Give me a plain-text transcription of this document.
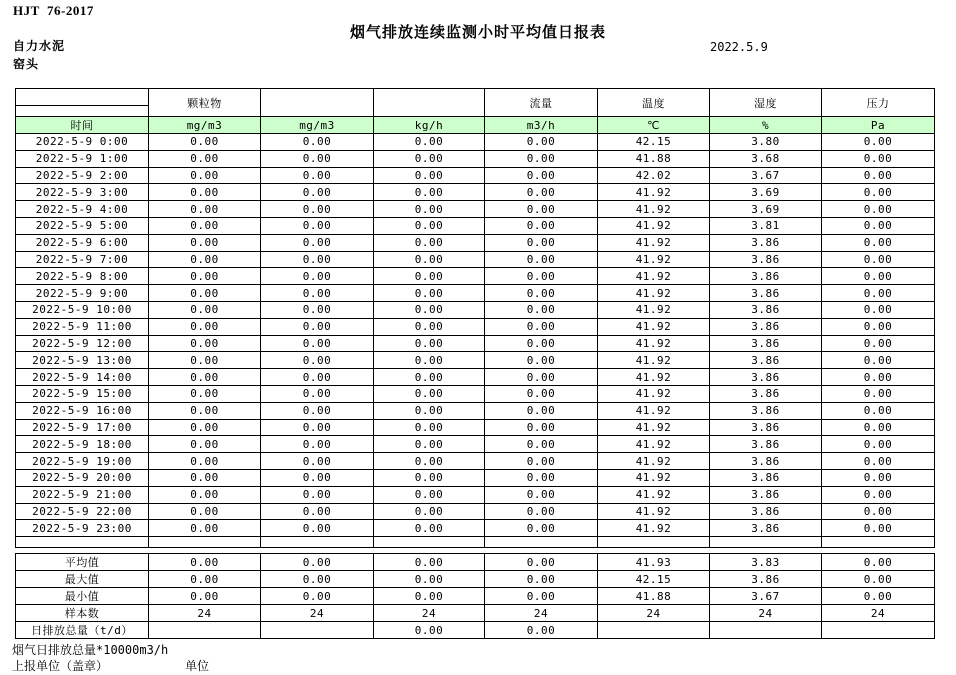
HJT  76-2017
烟气排放连续监测小时平均值日报表
2022.5.9
自力水泥
窑头
	颗粒物			流量	温度	湿度	压力

时间	mg/m3	mg/m3	kg/h	m3/h	℃	%	Pa
2022-5-9 0:00	0.00	0.00	0.00	0.00	42.15	3.80	0.00
2022-5-9 1:00	0.00	0.00	0.00	0.00	41.88	3.68	0.00
2022-5-9 2:00	0.00	0.00	0.00	0.00	42.02	3.67	0.00
2022-5-9 3:00	0.00	0.00	0.00	0.00	41.92	3.69	0.00
2022-5-9 4:00	0.00	0.00	0.00	0.00	41.92	3.69	0.00
2022-5-9 5:00	0.00	0.00	0.00	0.00	41.92	3.81	0.00
2022-5-9 6:00	0.00	0.00	0.00	0.00	41.92	3.86	0.00
2022-5-9 7:00	0.00	0.00	0.00	0.00	41.92	3.86	0.00
2022-5-9 8:00	0.00	0.00	0.00	0.00	41.92	3.86	0.00
2022-5-9 9:00	0.00	0.00	0.00	0.00	41.92	3.86	0.00
2022-5-9 10:00	0.00	0.00	0.00	0.00	41.92	3.86	0.00
2022-5-9 11:00	0.00	0.00	0.00	0.00	41.92	3.86	0.00
2022-5-9 12:00	0.00	0.00	0.00	0.00	41.92	3.86	0.00
2022-5-9 13:00	0.00	0.00	0.00	0.00	41.92	3.86	0.00
2022-5-9 14:00	0.00	0.00	0.00	0.00	41.92	3.86	0.00
2022-5-9 15:00	0.00	0.00	0.00	0.00	41.92	3.86	0.00
2022-5-9 16:00	0.00	0.00	0.00	0.00	41.92	3.86	0.00
2022-5-9 17:00	0.00	0.00	0.00	0.00	41.92	3.86	0.00
2022-5-9 18:00	0.00	0.00	0.00	0.00	41.92	3.86	0.00
2022-5-9 19:00	0.00	0.00	0.00	0.00	41.92	3.86	0.00
2022-5-9 20:00	0.00	0.00	0.00	0.00	41.92	3.86	0.00
2022-5-9 21:00	0.00	0.00	0.00	0.00	41.92	3.86	0.00
2022-5-9 22:00	0.00	0.00	0.00	0.00	41.92	3.86	0.00
2022-5-9 23:00	0.00	0.00	0.00	0.00	41.92	3.86	0.00

平均值	0.00	0.00	0.00	0.00	41.93	3.83	0.00
最大值	0.00	0.00	0.00	0.00	42.15	3.86	0.00
最小值	0.00	0.00	0.00	0.00	41.88	3.67	0.00
样本数	24	24	24	24	24	24	24
日排放总量（t/d）			0.00	0.00			
烟气日排放总量*10000m3/h
上报单位（盖章）	单位
